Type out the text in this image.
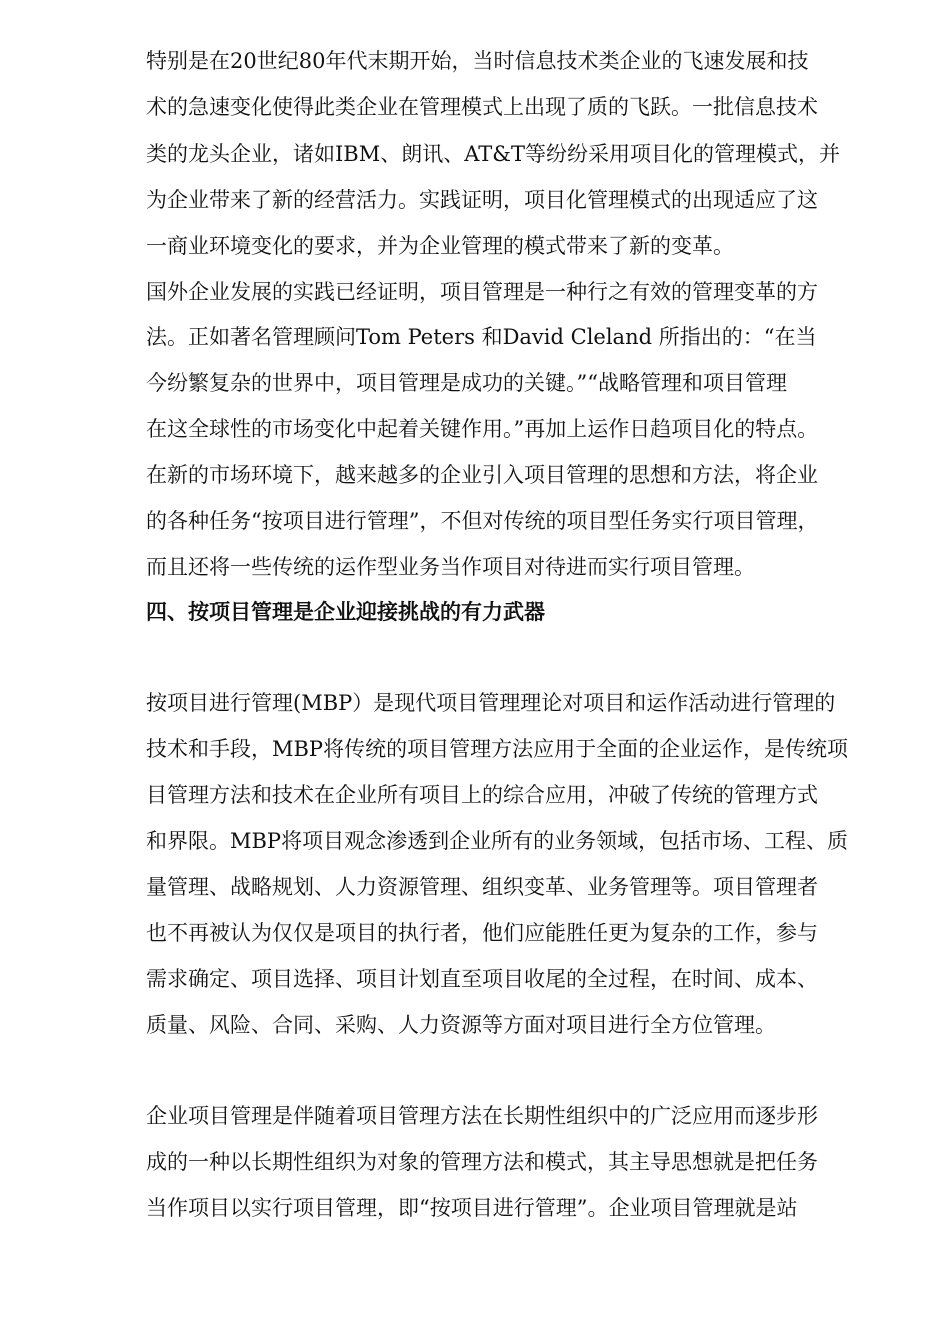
特别是在20世纪80年代末期开始，当时信息技术类企业的飞速发展和技
术的急速变化使得此类企业在管理模式上出现了质的飞跃。一批信息技术
类的龙头企业，诸如IBM、朗讯、AT&T等纷纷采用项目化的管理模式，并
为企业带来了新的经营活力。实践证明，项目化管理模式的出现适应了这
一商业环境变化的要求，并为企业管理的模式带来了新的变革。
国外企业发展的实践已经证明，项目管理是一种行之有效的管理变革的方
法。正如著名管理顾问Tom Peters 和David Cleland 所指出的：“在当
今纷繁复杂的世界中，项目管理是成功的关键。”“战略管理和项目管理
在这全球性的市场变化中起着关键作用。”再加上运作日趋项目化的特点。
在新的市场环境下，越来越多的企业引入项目管理的思想和方法，将企业
的各种任务“按项目进行管理”，不但对传统的项目型任务实行项目管理，
而且还将一些传统的运作型业务当作项目对待进而实行项目管理。
四、按项目管理是企业迎接挑战的有力武器
按项目进行管理(MBP）是现代项目管理理论对项目和运作活动进行管理的
技术和手段，MBP将传统的项目管理方法应用于全面的企业运作，是传统项
目管理方法和技术在企业所有项目上的综合应用，冲破了传统的管理方式
和界限。MBP将项目观念渗透到企业所有的业务领域，包括市场、工程、质
量管理、战略规划、人力资源管理、组织变革、业务管理等。项目管理者
也不再被认为仅仅是项目的执行者，他们应能胜任更为复杂的工作，参与
需求确定、项目选择、项目计划直至项目收尾的全过程，在时间、成本、
质量、风险、合同、采购、人力资源等方面对项目进行全方位管理。
企业项目管理是伴随着项目管理方法在长期性组织中的广泛应用而逐步形
成的一种以长期性组织为对象的管理方法和模式，其主导思想就是把任务
当作项目以实行项目管理，即“按项目进行管理”。企业项目管理就是站
